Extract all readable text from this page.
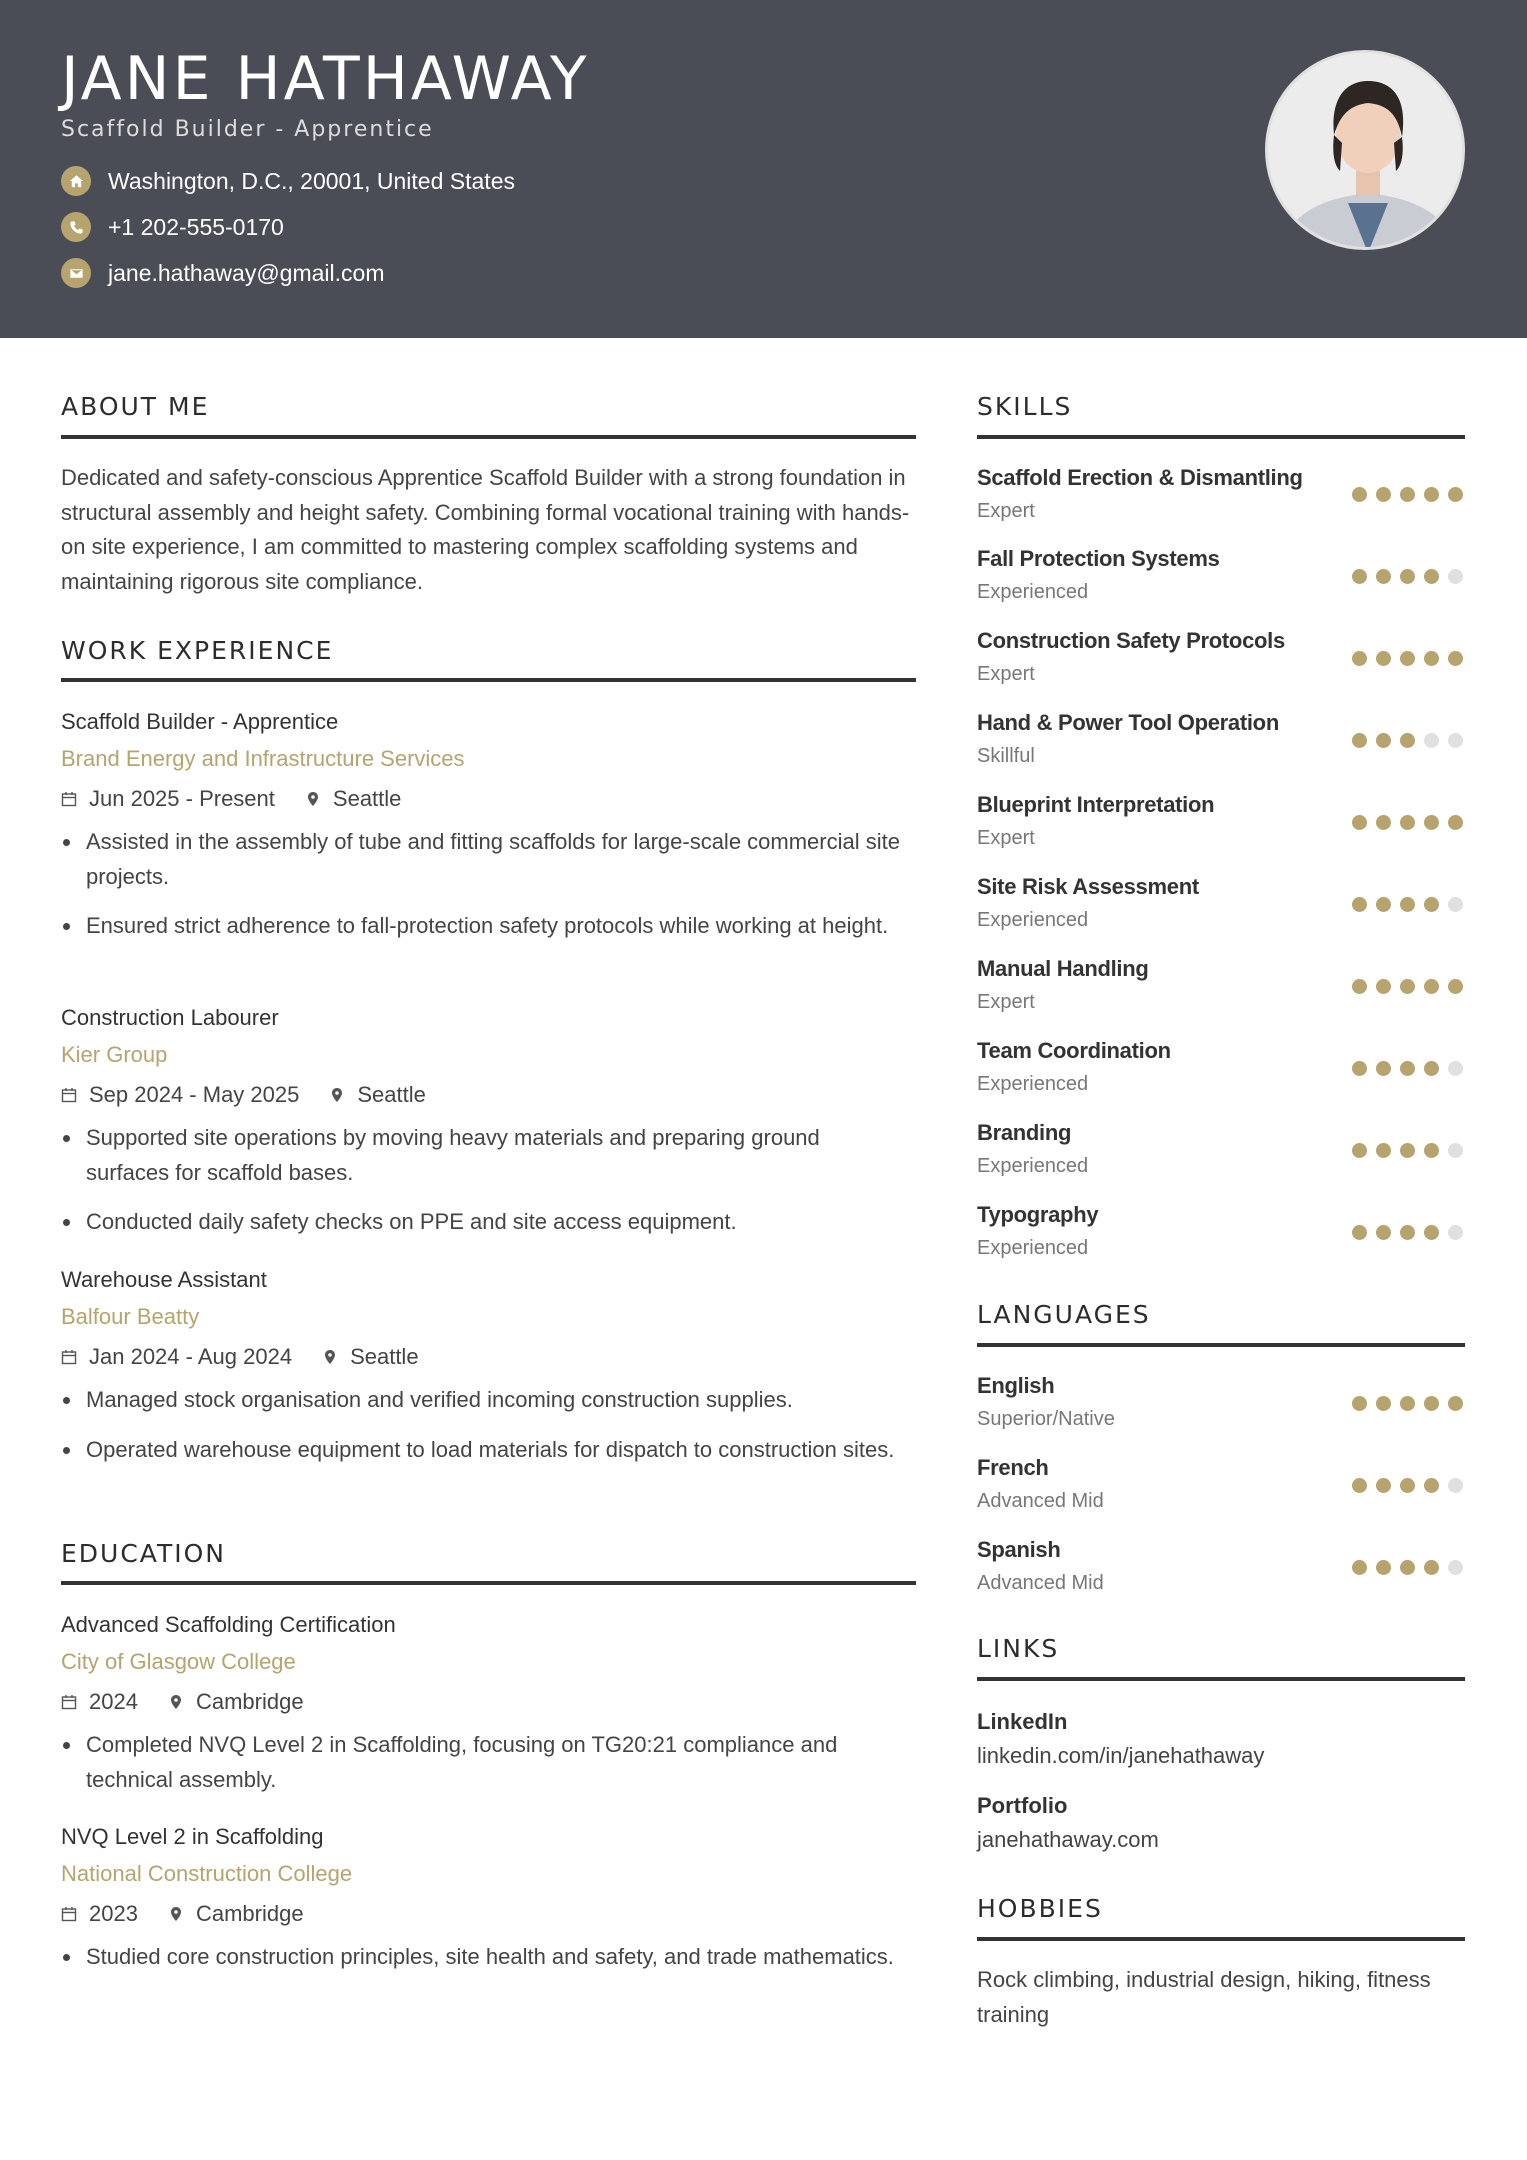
JANE HATHAWAY
Scaffold Builder - Apprentice
Washington, D.C., 20001, United States
+1 202-555-0170
jane.hathaway@gmail.com
ABOUT ME
Dedicated and safety-conscious Apprentice Scaffold Builder with a strong foundation in structural assembly and height safety. Combining formal vocational training with hands-on site experience, I am committed to mastering complex scaffolding systems and maintaining rigorous site compliance.
WORK EXPERIENCE
Scaffold Builder - Apprentice
Brand Energy and Infrastructure Services
Jun 2025 - Present	Seattle
Assisted in the assembly of tube and fitting scaffolds for large-scale commercial site projects.
Ensured strict adherence to fall-protection safety protocols while working at height.
Construction Labourer
Kier Group
Sep 2024 - May 2025	Seattle
Supported site operations by moving heavy materials and preparing ground surfaces for scaffold bases.
Conducted daily safety checks on PPE and site access equipment.
Warehouse Assistant
Balfour Beatty
Jan 2024 - Aug 2024	Seattle
Managed stock organisation and verified incoming construction supplies.
Operated warehouse equipment to load materials for dispatch to construction sites.
EDUCATION
Advanced Scaffolding Certification
City of Glasgow College
2024	Cambridge
Completed NVQ Level 2 in Scaffolding, focusing on TG20:21 compliance and technical assembly.
NVQ Level 2 in Scaffolding
National Construction College
2023	Cambridge
Studied core construction principles, site health and safety, and trade mathematics.
SKILLS
Scaffold Erection & Dismantling
Expert
Fall Protection Systems
Experienced
Construction Safety Protocols
Expert
Hand & Power Tool Operation
Skillful
Blueprint Interpretation
Expert
Site Risk Assessment
Experienced
Manual Handling
Expert
Team Coordination
Experienced
Branding
Experienced
Typography
Experienced
LANGUAGES
English
Superior/Native
French
Advanced Mid
Spanish
Advanced Mid
LINKS
LinkedIn
linkedin.com/in/janehathaway
Portfolio
janehathaway.com
HOBBIES
Rock climbing, industrial design, hiking, fitness training
